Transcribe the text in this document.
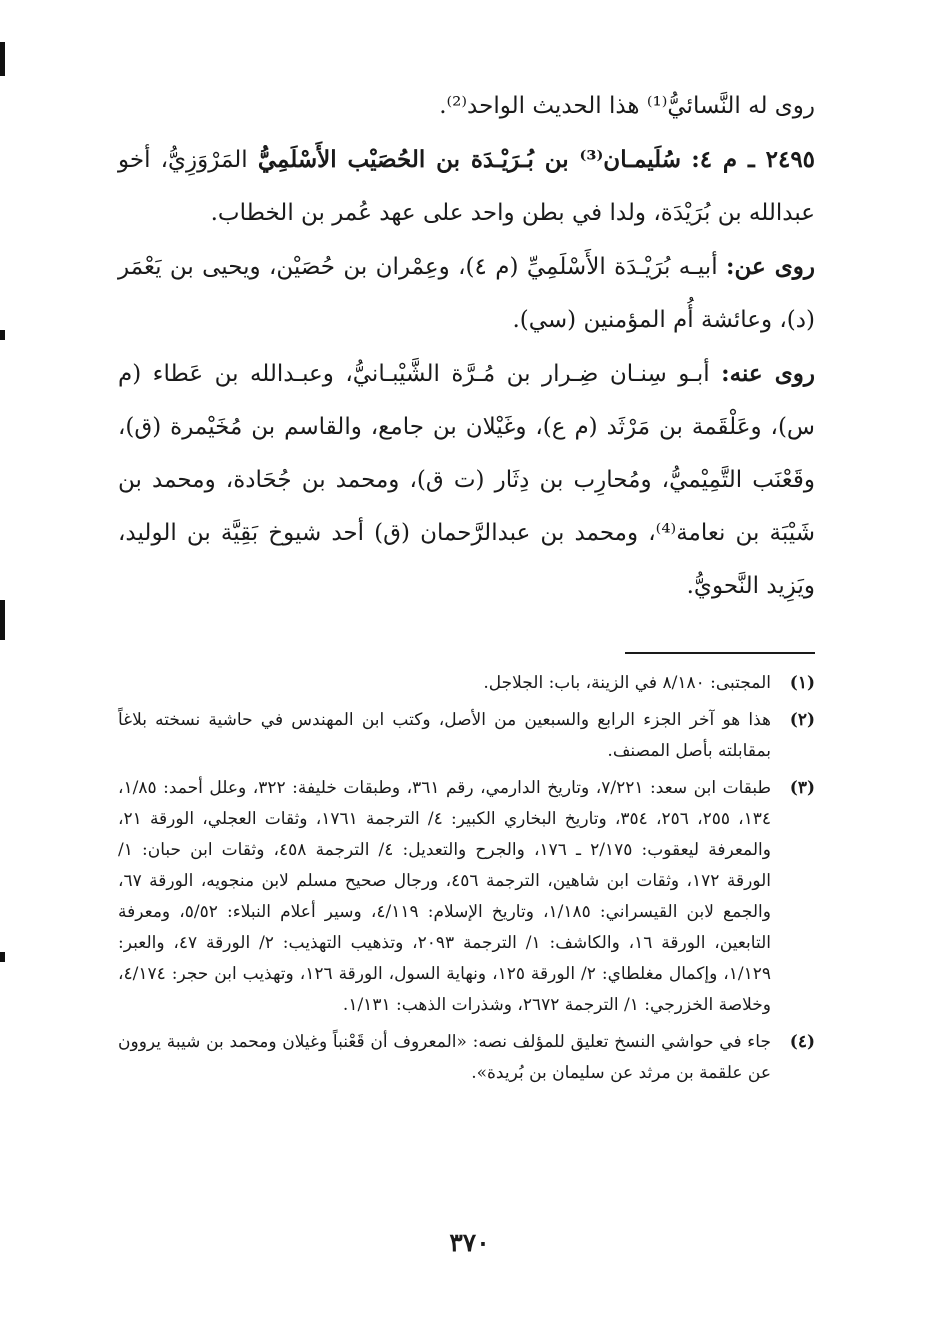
روى له النَّسائيُّ⁽¹⁾ هذا الحديث الواحد⁽²⁾.

٢٤٩٥ ـ م ٤: سُلَيمـان⁽³⁾ بن بُـرَيْـدَة بن الحُصَيْب الأَسْلَمِيُّ المَرْوَزِيُّ، أخو عبدالله بن بُرَيْدَة، ولدا في بطن واحد على عهد عُمر بن الخطاب.

روى عن: أبيـه بُرَيْـدَة الأَسْلَمِيِّ (م ٤)، وعِمْران بن حُصَيْن، ويحيى بن يَعْمَر (د)، وعائشة أُم المؤمنين (سي).

روى عنه: أبـو سِنـان ضِـرار بن مُـرَّة الشَّيْبـانيُّ، وعبـدالله بن عَطاء (م س)، وعَلْقَمة بن مَرْثَد (م ع)، وغَيْلان بن جامع، والقاسم بن مُخَيْمرة (ق)، وقَعْنَب التَّمِيْميُّ، ومُحارِب بن دِثَار (ت ق)، ومحمد بن جُحَادة، ومحمد بن شَيْبَة بن نعامة⁽⁴⁾، ومحمد بن عبدالرَّحمان (ق) أحد شيوخ بَقِيَّة بن الوليد، ويَزِيد النَّحويُّ.

(١)
المجتبى: ٨/١٨٠ في الزينة، باب: الجلاجل.
(٢)
هذا هو آخر الجزء الرابع والسبعين من الأصل، وكتب ابن المهندس في حاشية نسخته بلاغاً بمقابلته بأصل المصنف.
(٣)
طبقات ابن سعد: ٧/٢٢١، وتاريخ الدارمي، رقم ٣٦١، وطبقات خليفة: ٣٢٢، وعلل أحمد: ١/٨٥، ١٣٤، ٢٥٥، ٢٥٦، ٣٥٤، وتاريخ البخاري الكبير: ٤/ الترجمة ١٧٦١، وثقات العجلي، الورقة ٢١، والمعرفة ليعقوب: ٢/١٧٥ ـ ١٧٦، والجرح والتعديل: ٤/ الترجمة ٤٥٨، وثقات ابن حبان: ١/ الورقة ١٧٢، وثقات ابن شاهين، الترجمة ٤٥٦، ورجال صحيح مسلم لابن منجويه، الورقة ٦٧، والجمع لابن القيسراني: ١/١٨٥، وتاريخ الإسلام: ٤/١١٩، وسير أعلام النبلاء: ٥/٥٢، ومعرفة التابعين، الورقة ١٦، والكاشف: ١/ الترجمة ٢٠٩٣، وتذهيب التهذيب: ٢/ الورقة ٤٧، والعبر: ١/١٢٩، وإكمال مغلطاي: ٢/ الورقة ١٢٥، ونهاية السول، الورقة ١٢٦، وتهذيب ابن حجر: ٤/١٧٤، وخلاصة الخزرجي: ١/ الترجمة ٢٦٧٢، وشذرات الذهب: ١/١٣١.
(٤)
جاء في حواشي النسخ تعليق للمؤلف نصه: «المعروف أن قَعْنباً وغيلان ومحمد بن شيبة يروون عن علقمة بن مرثد عن سليمان بن بُريدة».
٣٧٠
